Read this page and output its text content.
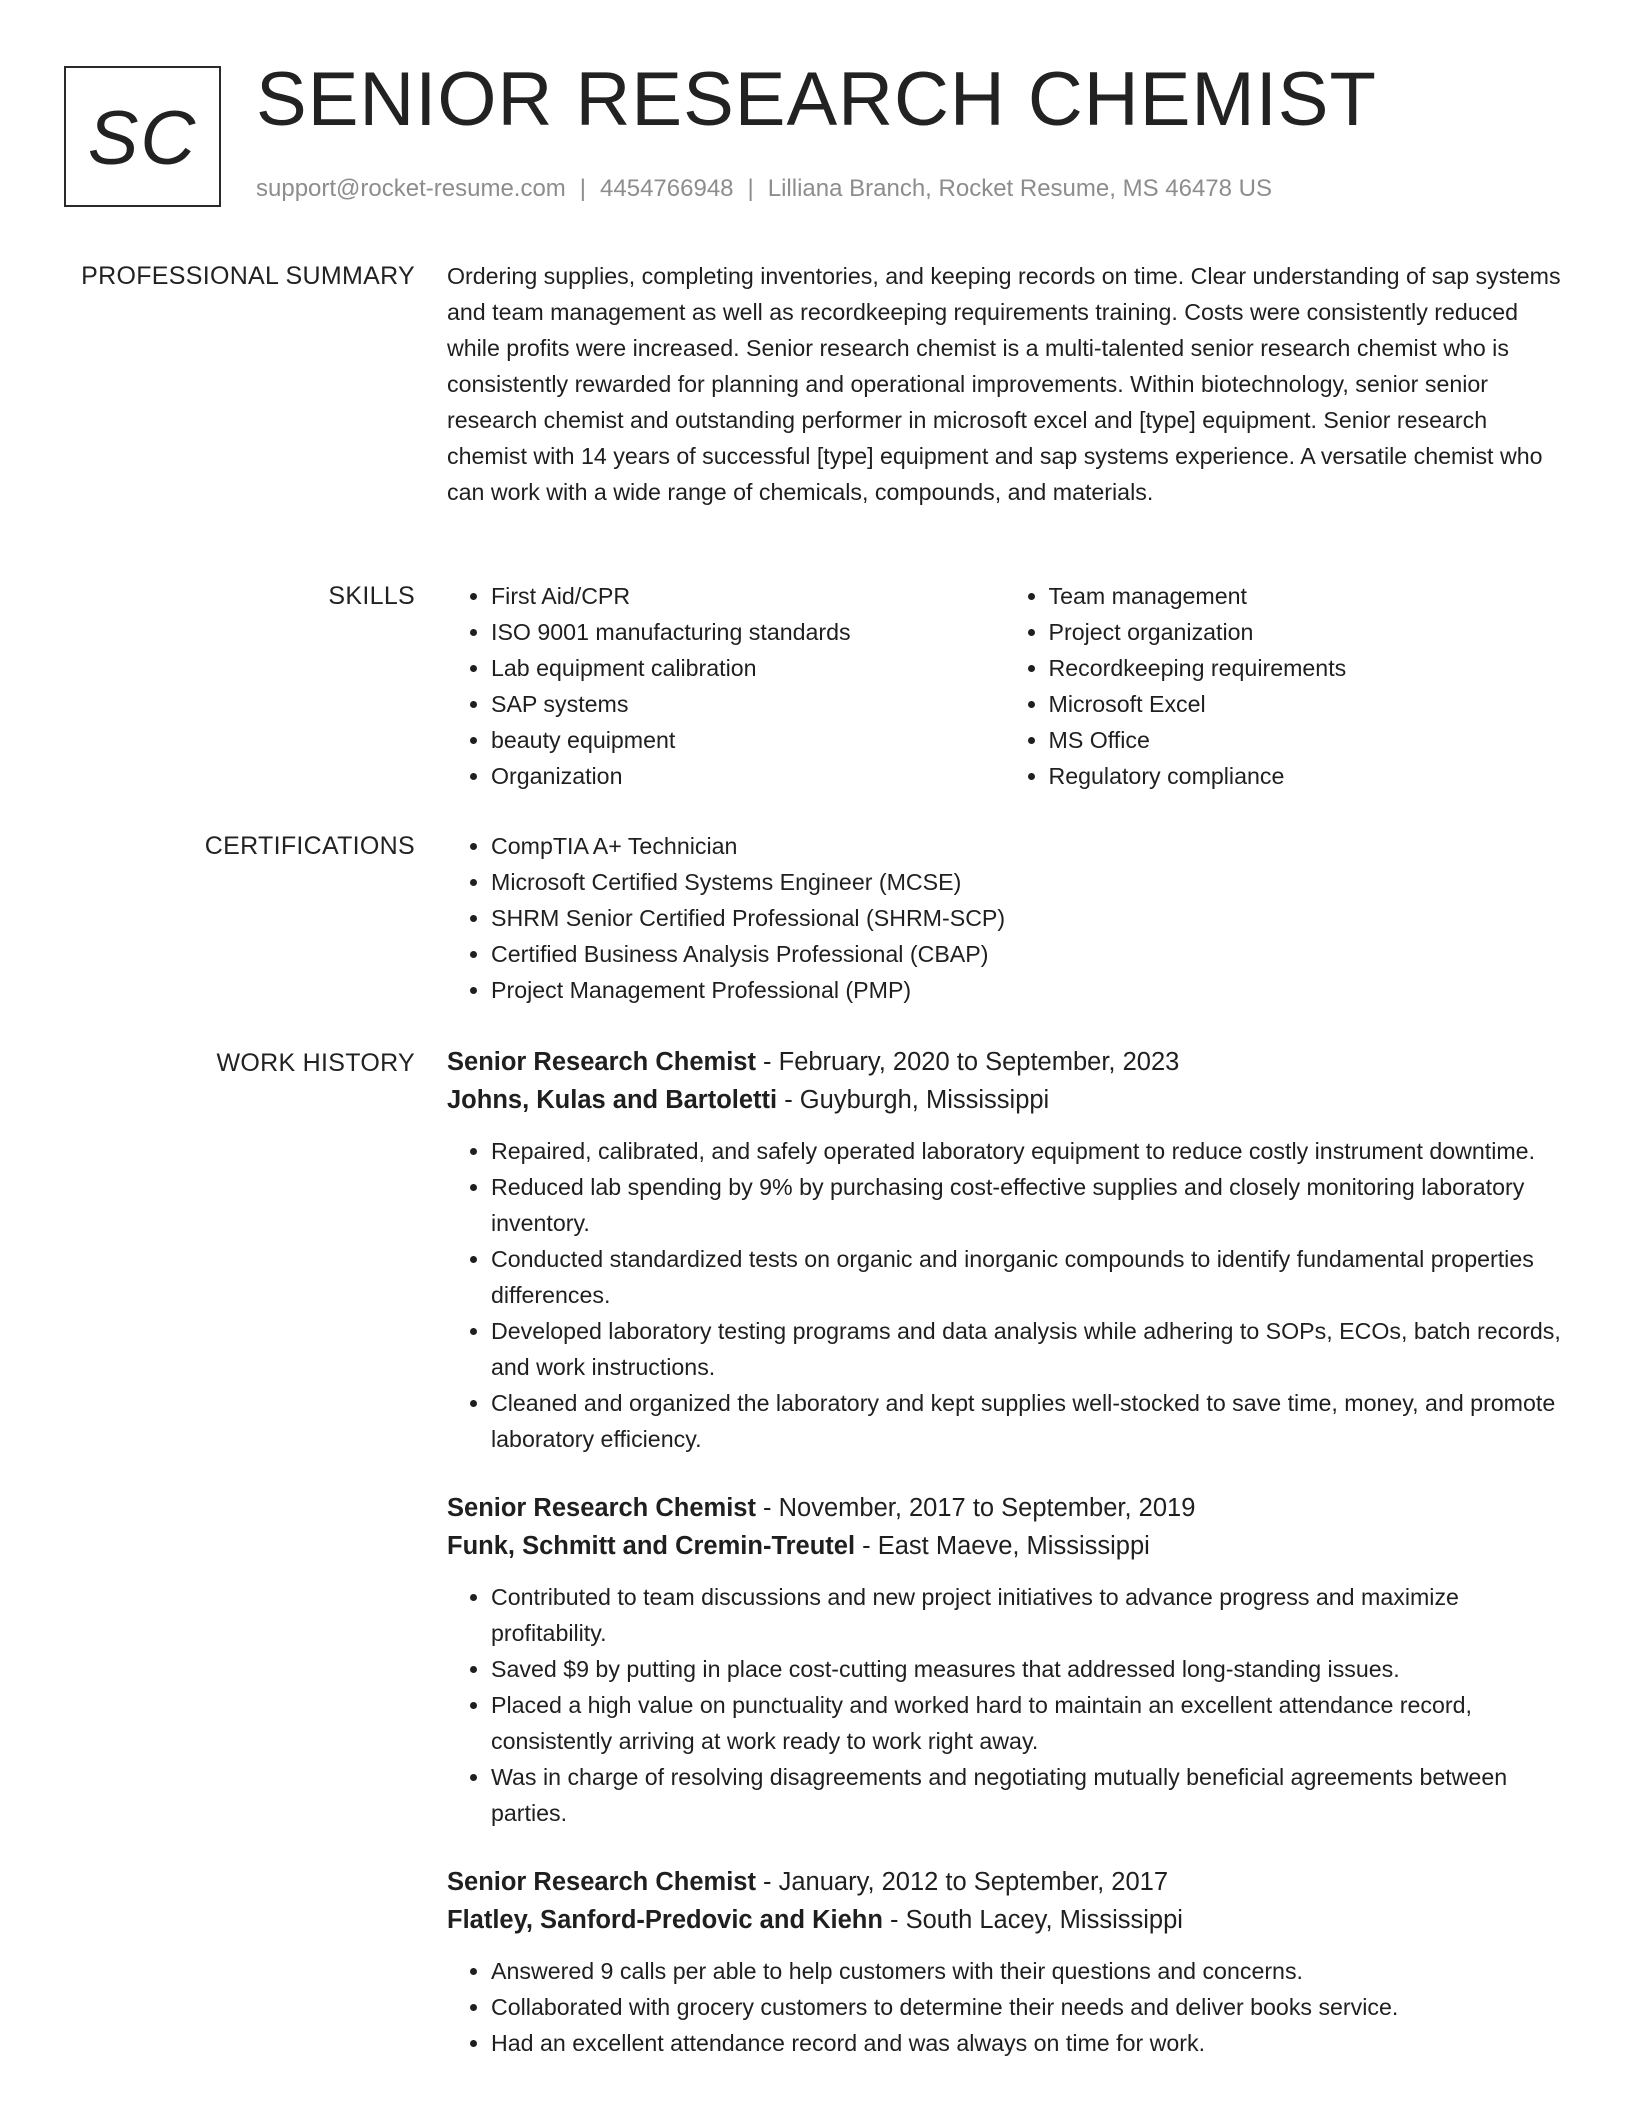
SC SENIOR RESEARCH CHEMIST
support@rocket-resume.com | 4454766948 | Lilliana Branch, Rocket Resume, MS 46478 US
PROFESSIONAL SUMMARY Ordering supplies, completing inventories, and keeping records on time. Clear understanding of sap systems and team management as well as recordkeeping requirements training. Costs were consistently reduced while profits were increased. Senior research chemist is a multi-talented senior research chemist who is consistently rewarded for planning and operational improvements. Within biotechnology, senior senior research chemist and outstanding performer in microsoft excel and [type] equipment. Senior research chemist with 14 years of successful [type] equipment and sap systems experience. A versatile chemist who can work with a wide range of chemicals, compounds, and materials.

SKILLS	• First Aid/CPR
• ISO 9001 manufacturing standards
• Lab equipment calibration
• SAP systems
• beauty equipment
• Organization
• Team management
• Project organization
• Recordkeeping requirements
• Microsoft Excel
• MS Office
• Regulatory compliance
CERTIFICATIONS	• CompTIA A+ Technician
• Microsoft Certified Systems Engineer (MCSE)
• SHRM Senior Certified Professional (SHRM-SCP)
• Certified Business Analysis Professional (CBAP)
• Project Management Professional (PMP)
WORK HISTORY Senior Research Chemist - February, 2020 to September, 2023
Johns, Kulas and Bartoletti - Guyburgh, Mississippi
• Repaired, calibrated, and safely operated laboratory equipment to reduce costly instrument downtime.
• Reduced lab spending by 9% by purchasing cost-effective supplies and closely monitoring laboratory inventory.
• Conducted standardized tests on organic and inorganic compounds to identify fundamental properties differences.
• Developed laboratory testing programs and data analysis while adhering to SOPs, ECOs, batch records, and work instructions.
• Cleaned and organized the laboratory and kept supplies well-stocked to save time, money, and promote laboratory efficiency.
Senior Research Chemist - November, 2017 to September, 2019
Funk, Schmitt and Cremin-Treutel - East Maeve, Mississippi
• Contributed to team discussions and new project initiatives to advance progress and maximize profitability.
• Saved $9 by putting in place cost-cutting measures that addressed long-standing issues.
• Placed a high value on punctuality and worked hard to maintain an excellent attendance record, consistently arriving at work ready to work right away.
• Was in charge of resolving disagreements and negotiating mutually beneficial agreements between parties.
Senior Research Chemist - January, 2012 to September, 2017
Flatley, Sanford-Predovic and Kiehn - South Lacey, Mississippi
• Answered 9 calls per able to help customers with their questions and concerns.
• Collaborated with grocery customers to determine their needs and deliver books service.
• Had an excellent attendance record and was always on time for work.
